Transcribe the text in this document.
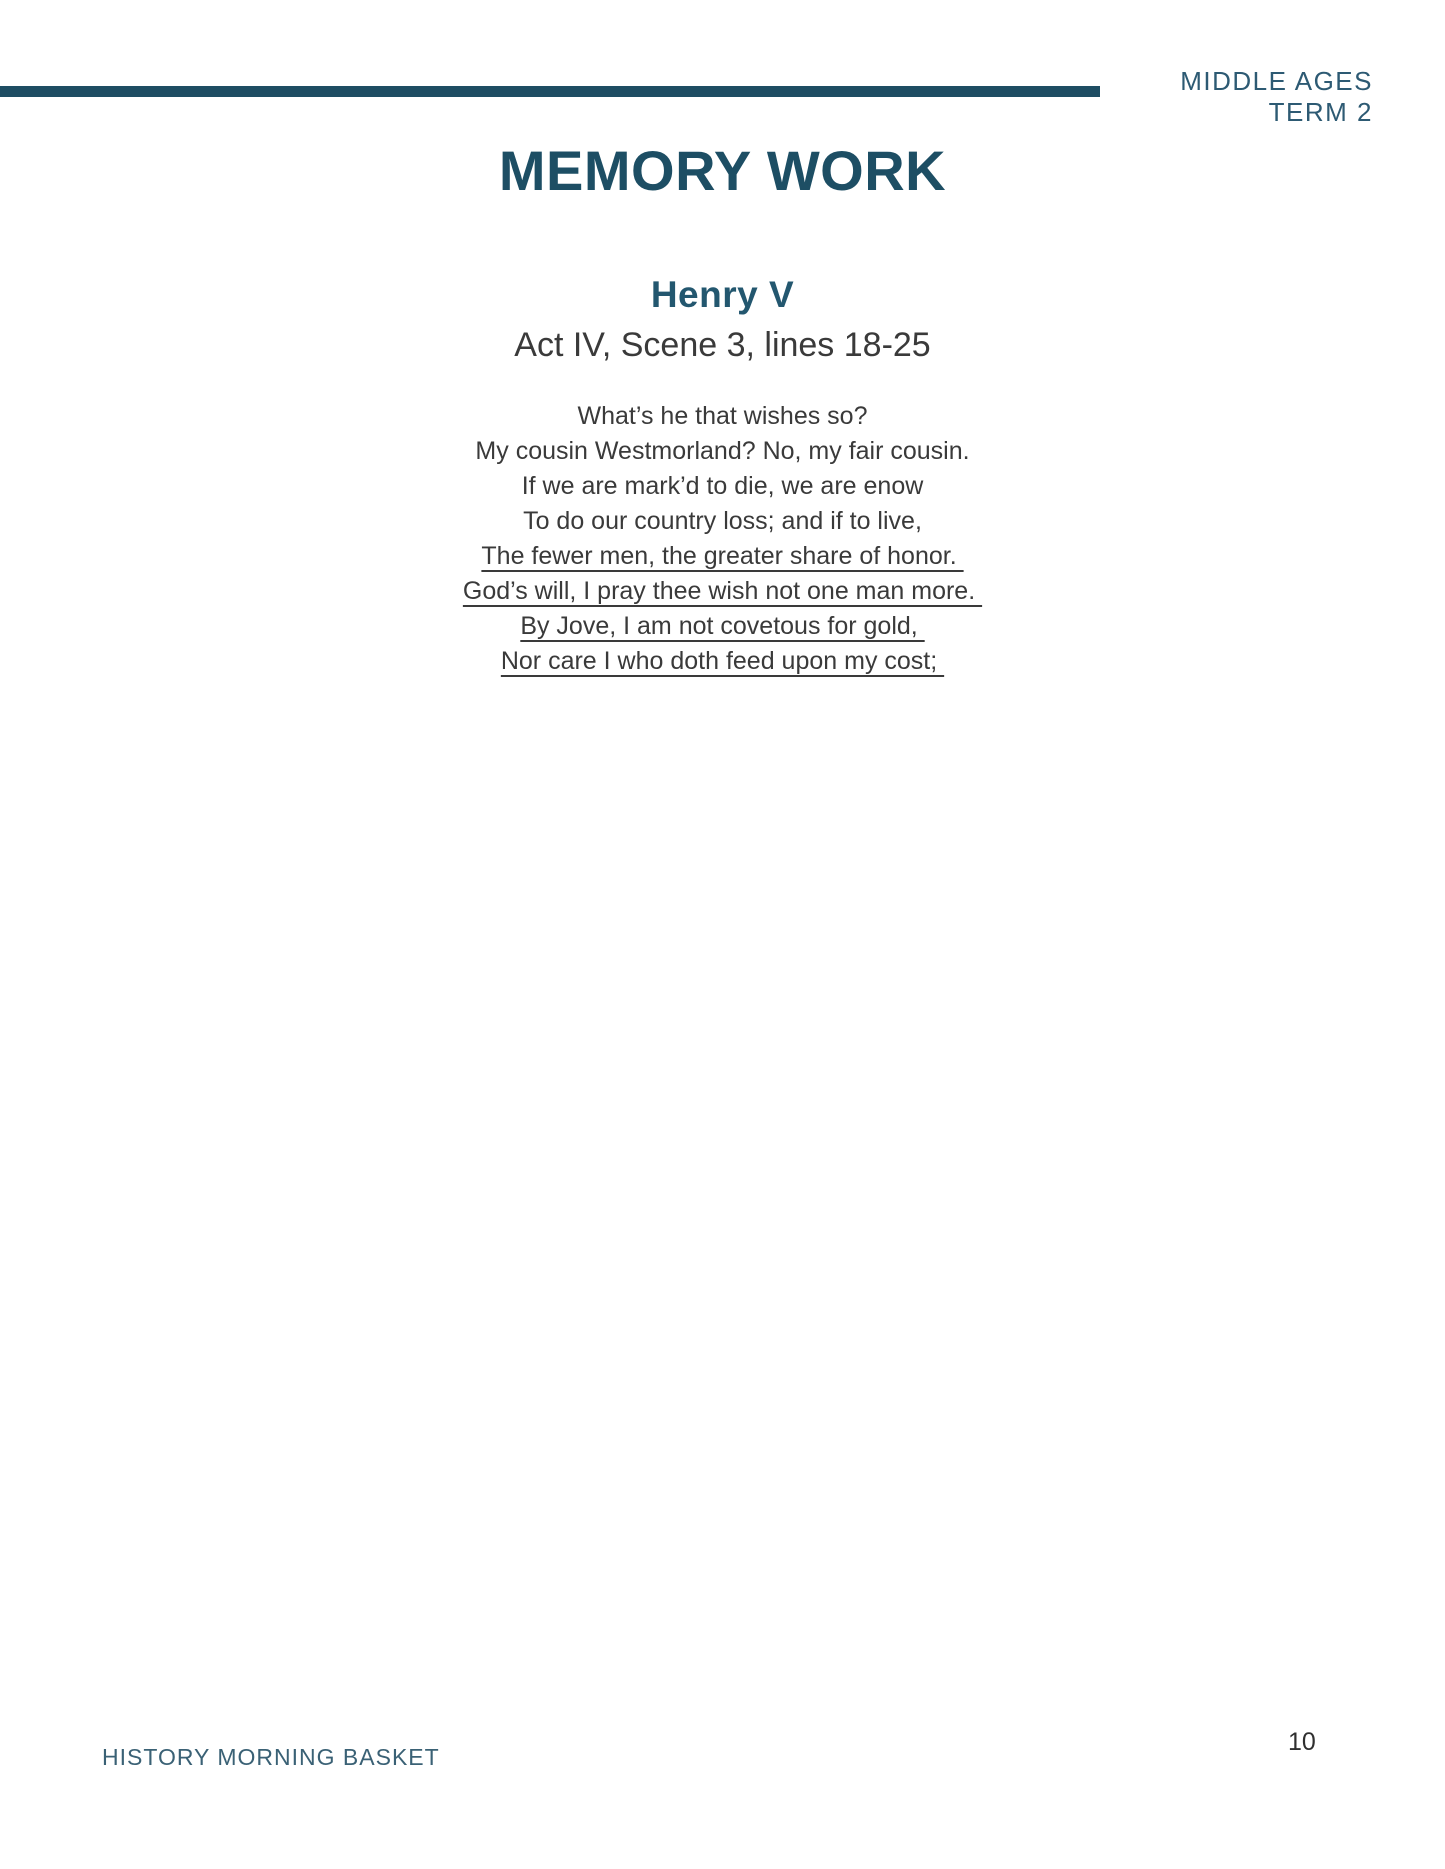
MIDDLE AGES
TERM 2
MEMORY WORK
Henry V
Act IV, Scene 3, lines 18-25
What’s he that wishes so?
My cousin Westmorland? No, my fair cousin.
If we are mark’d to die, we are enow
To do our country loss; and if to live,
The fewer men, the greater share of honor.
God’s will, I pray thee wish not one man more.
By Jove, I am not covetous for gold,
Nor care I who doth feed upon my cost;
HISTORY MORNING BASKET
10
